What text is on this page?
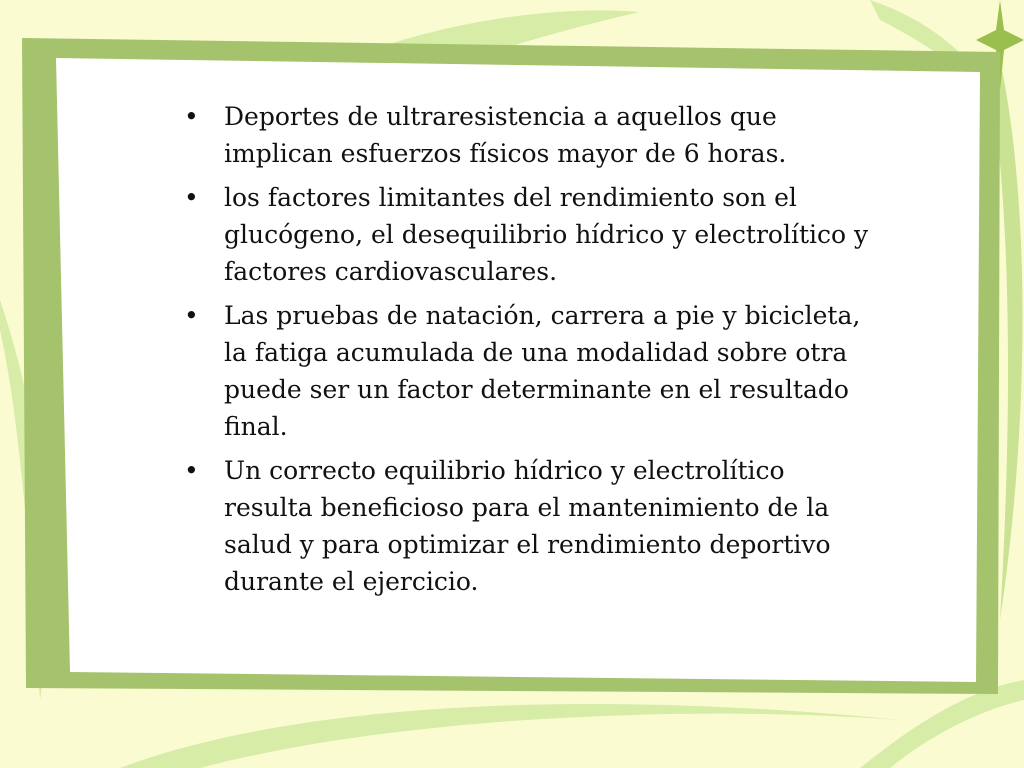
• Deportes de ultraresistencia a aquellos que implican esfuerzos físicos mayor de 6 horas.
• los factores limitantes del rendimiento son el glucógeno, el desequilibrio hídrico y electrolítico y factores cardiovasculares.
• Las pruebas de natación, carrera a pie y bicicleta, la fatiga acumulada de una modalidad sobre otra puede ser un factor determinante en el resultado final.
• Un correcto equilibrio hídrico y electrolítico resulta beneficioso para el mantenimiento de la salud y para optimizar el rendimiento deportivo durante el ejercicio.
